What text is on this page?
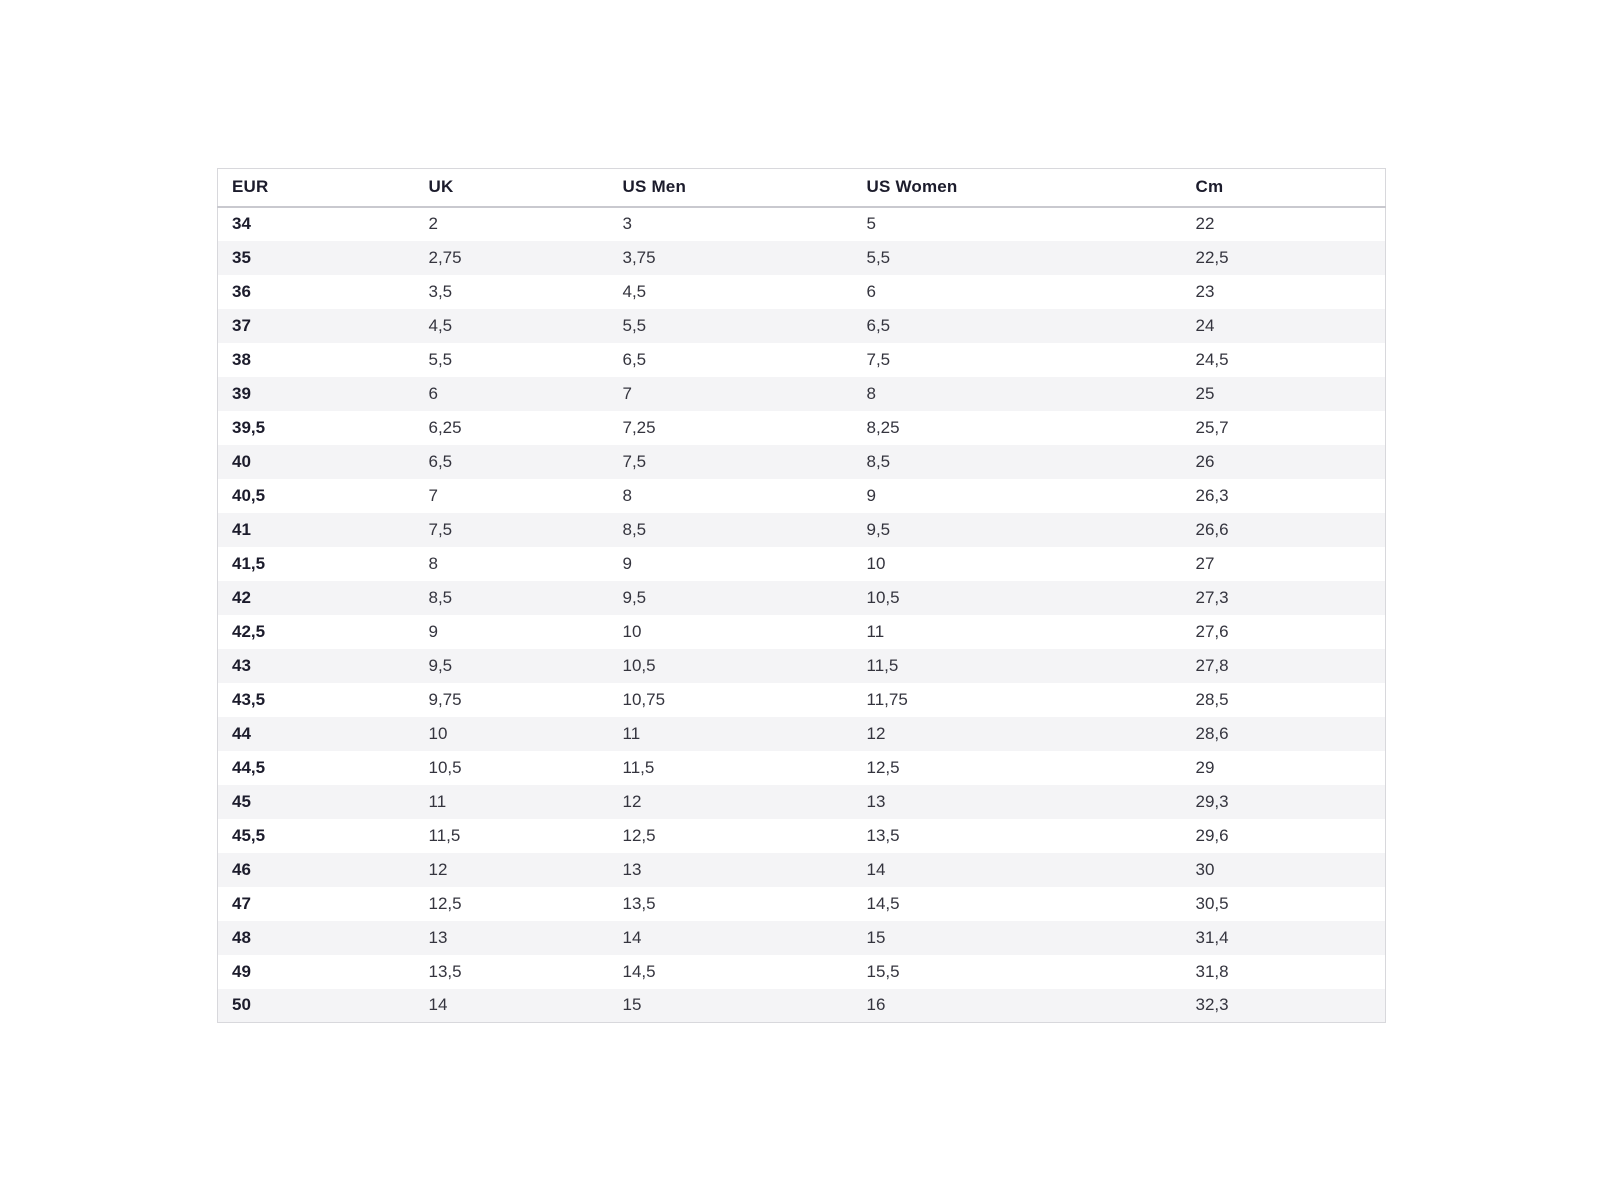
EUR	UK	US Men	US Women	Cm
34	2	3	5	22
35	2,75	3,75	5,5	22,5
36	3,5	4,5	6	23
37	4,5	5,5	6,5	24
38	5,5	6,5	7,5	24,5
39	6	7	8	25
39,5	6,25	7,25	8,25	25,7
40	6,5	7,5	8,5	26
40,5	7	8	9	26,3
41	7,5	8,5	9,5	26,6
41,5	8	9	10	27
42	8,5	9,5	10,5	27,3
42,5	9	10	11	27,6
43	9,5	10,5	11,5	27,8
43,5	9,75	10,75	11,75	28,5
44	10	11	12	28,6
44,5	10,5	11,5	12,5	29
45	11	12	13	29,3
45,5	11,5	12,5	13,5	29,6
46	12	13	14	30
47	12,5	13,5	14,5	30,5
48	13	14	15	31,4
49	13,5	14,5	15,5	31,8
50	14	15	16	32,3
